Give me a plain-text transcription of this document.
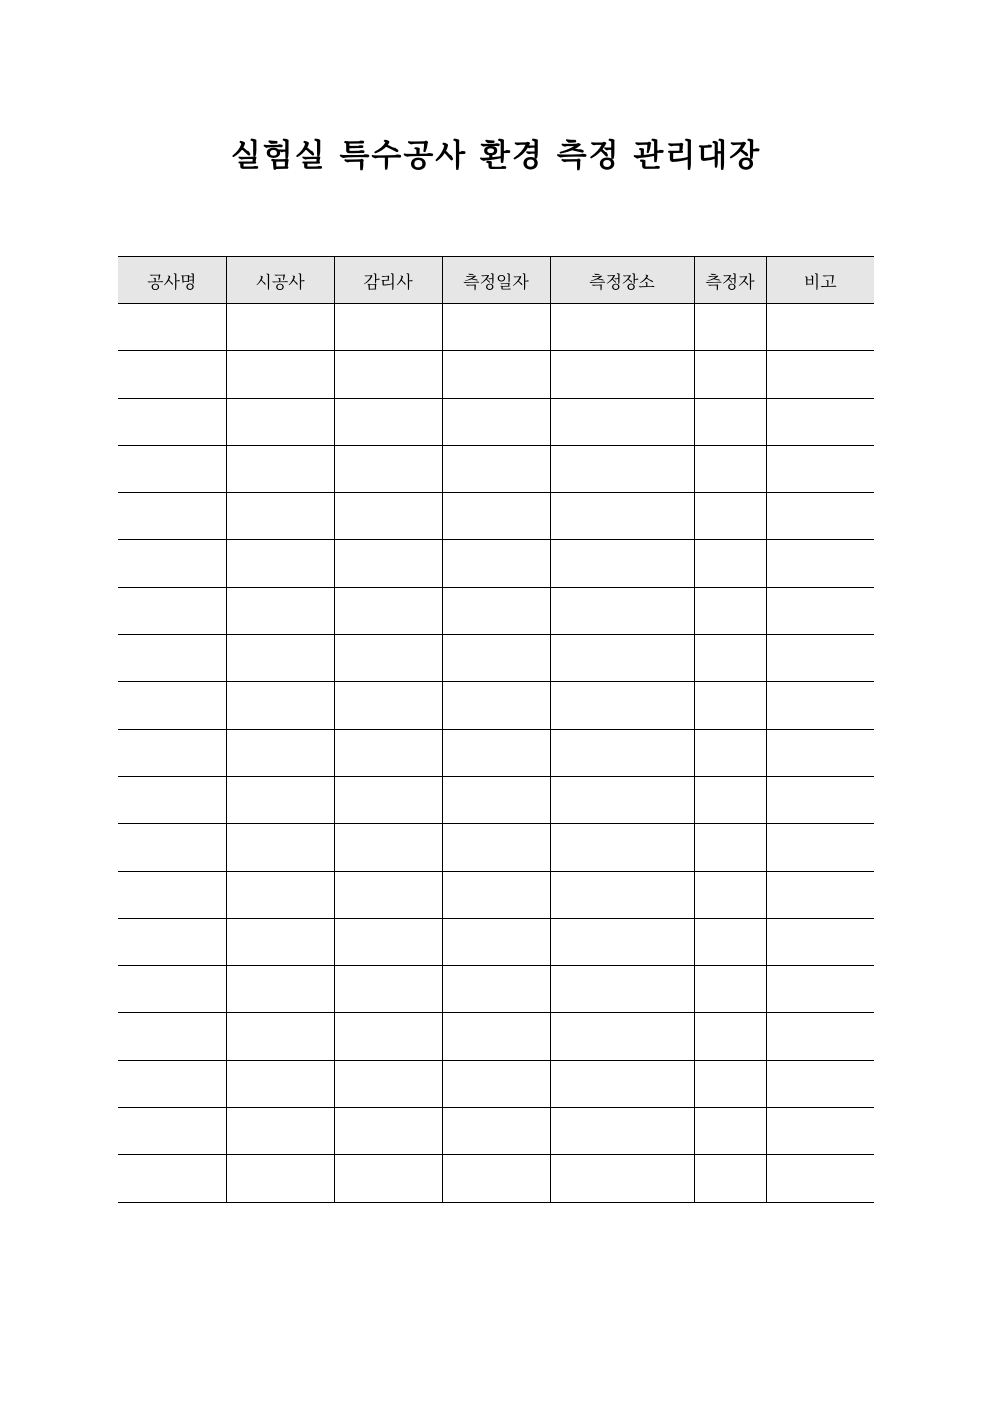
실험실 특수공사 환경 측정 관리대장
공사명	시공사	감리사	측정일자	측정장소	측정자	비고
